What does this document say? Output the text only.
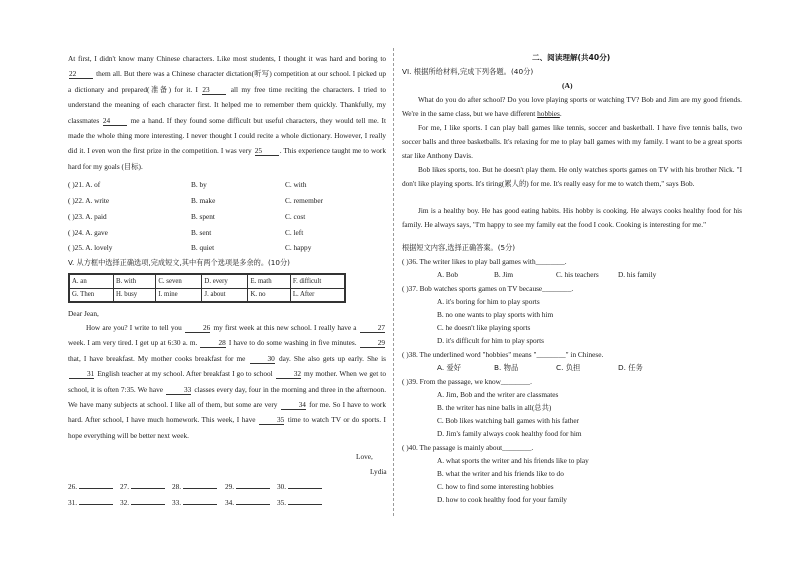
At first, I didn't know many Chinese characters. Like most students, I thought it was hard and boring to 22	them all. But there was a Chinese character dictation(听写) competition at our school. I picked up a dictionary and prepared(准备) for it. I 23	all my free time reciting the characters. I tried to understand the meaning of each character first. It helped me to remember them quickly. Thankfully, my classmates 24	me a hand. If they found some difficult but useful characters, they would tell me. It made the whole thing more interesting. I never thought I could recite a whole dictionary. However, I really did it. I even won the first prize in the competition. I was very 25 . This experience taught me to work hard for my goals (目标).
( )21. A. of	B. by	C. with
( )22. A. write	B. make	C. remember
( )23. A. paid	B. spent	C. cost
( )24. A. gave	B. sent	C. left
( )25. A. lovely	B. quiet	C. happy
V. 从方框中选择正确选项,完成短文,其中有两个选项是多余的。(10分)
A. an	B. with	C. seven	D. every	E. math	F. difficult
G. Then	H. busy	I. mine	J. about	K. no	L. After
Dear Jean,
How are you? I write to tell you	26 my first week at this new school. I really have a	27 week. I am very tired. I get up at 6:30 a. m.	28 I have to do some washing in five minutes.	29 that, I have breakfast. My mother cooks breakfast for me	30 day. She also gets up early. She is 31 English teacher at my school. After breakfast I go to school	32 my mother. When we get to school, it is often 7:35. We have	33 classes every day, four in the morning and three in the afternoon. We have many subjects at school. I like all of them, but some are very	34 for me. So I have to work hard. After school, I have much homework. This week, I have	35 time to watch TV or do sports. I hope everything will be better next week.
Love,
Lydia
26.	27.	28.	29.	30.
31.	32.	33.	34.	35.
二、阅读理解(共40分)
VI. 根据所给材料,完成下列各题。(40分)
(A)
What do you do after school? Do you love playing sports or watching TV? Bob and Jim are my good friends. We're in the same class, but we have different hobbies.
For me, I like sports. I can play ball games like tennis, soccer and basketball. I have five tennis balls, two soccer balls and three basketballs. It's relaxing for me to play ball games with my family. I want to be a great sports star like Anthony Davis.
Bob likes sports, too. But he doesn't play them. He only watches sports games on TV with his brother Nick. "I don't like playing sports. It's tiring(累人的) for me. It's really easy for me to watch them," says Bob.
Jim is a healthy boy. He has good eating habits. His hobby is cooking. He always cooks healthy food for his family. He always says, "I'm happy to see my family eat the food I cook. Cooking is interesting for me."
根据短文内容,选择正确答案。(5分)
( )36. The writer likes to play ball games with________.
A. Bob	B. Jim	C. his teachers	D. his family
( )37. Bob watches sports games on TV because________.
A. it's boring for him to play sports
B. no one wants to play sports with him
C. he doesn't like playing sports
D. it's difficult for him to play sports
( )38. The underlined word "hobbies" means "________" in Chinese.
A. 爱好	B. 物品	C. 负担	D. 任务
( )39. From the passage, we know________.
A. Jim, Bob and the writer are classmates
B. the writer has nine balls in all(总共)
C. Bob likes watching ball games with his father
D. Jim's family always cook healthy food for him
( )40. The passage is mainly about________.
A. what sports the writer and his friends like to play
B. what the writer and his friends like to do
C. how to find some interesting hobbies
D. how to cook healthy food for your family
